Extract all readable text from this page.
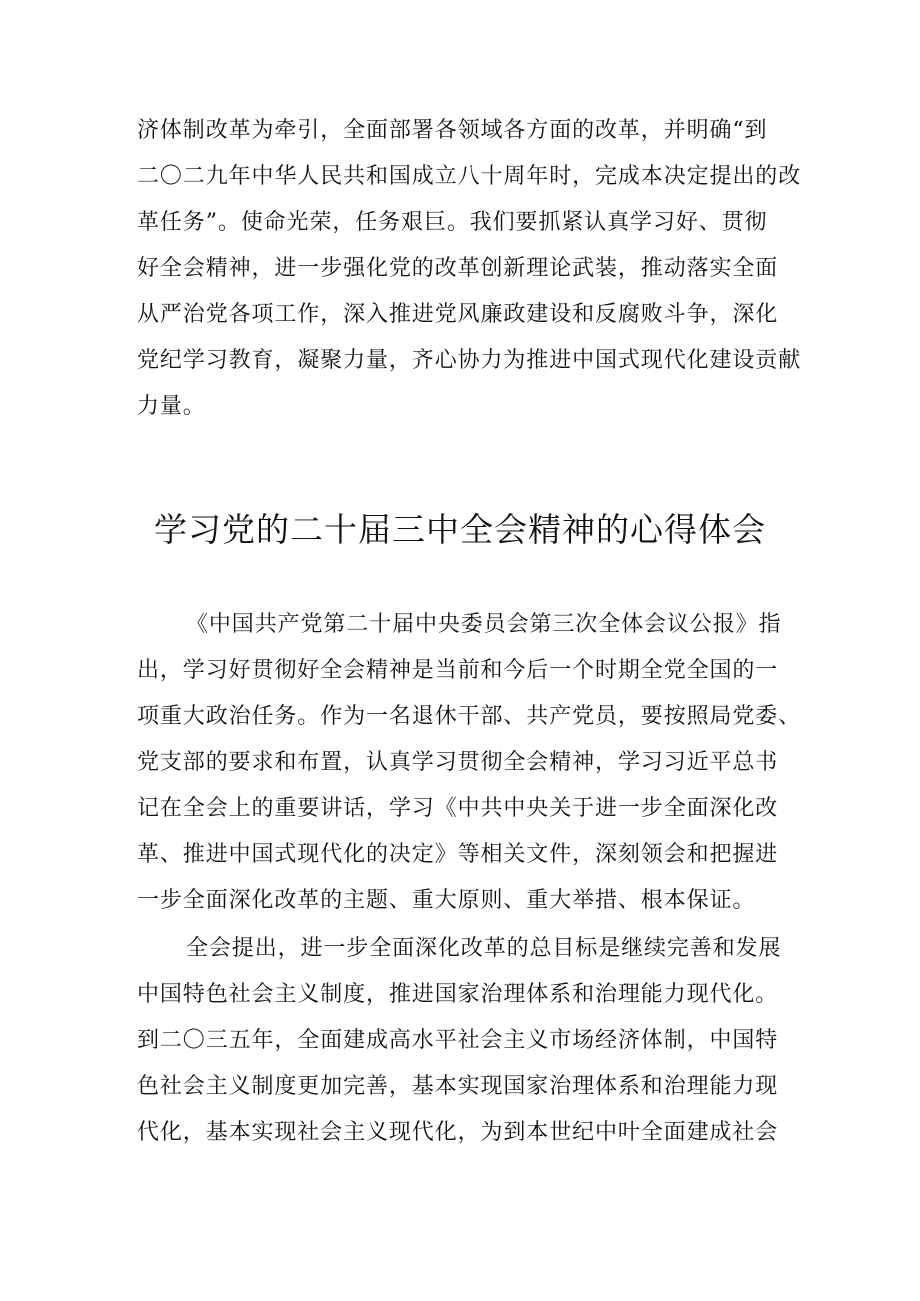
济体制改革为牵引，全面部署各领域各方面的改革，并明确“到
二〇二九年中华人民共和国成立八十周年时，完成本决定提出的改
革任务”。使命光荣，任务艰巨。我们要抓紧认真学习好、贯彻
好全会精神，进一步强化党的改革创新理论武装，推动落实全面
从严治党各项工作，深入推进党风廉政建设和反腐败斗争，深化
党纪学习教育，凝聚力量，齐心协力为推进中国式现代化建设贡献
力量。
学习党的二十届三中全会精神的心得体会
《中国共产党第二十届中央委员会第三次全体会议公报》指
出，学习好贯彻好全会精神是当前和今后一个时期全党全国的一
项重大政治任务。作为一名退休干部、共产党员，要按照局党委、
党支部的要求和布置，认真学习贯彻全会精神，学习习近平总书
记在全会上的重要讲话，学习《中共中央关于进一步全面深化改
革、推进中国式现代化的决定》等相关文件，深刻领会和把握进
一步全面深化改革的主题、重大原则、重大举措、根本保证。
全会提出，进一步全面深化改革的总目标是继续完善和发展
中国特色社会主义制度，推进国家治理体系和治理能力现代化。
到二〇三五年，全面建成高水平社会主义市场经济体制，中国特
色社会主义制度更加完善，基本实现国家治理体系和治理能力现
代化，基本实现社会主义现代化，为到本世纪中叶全面建成社会
